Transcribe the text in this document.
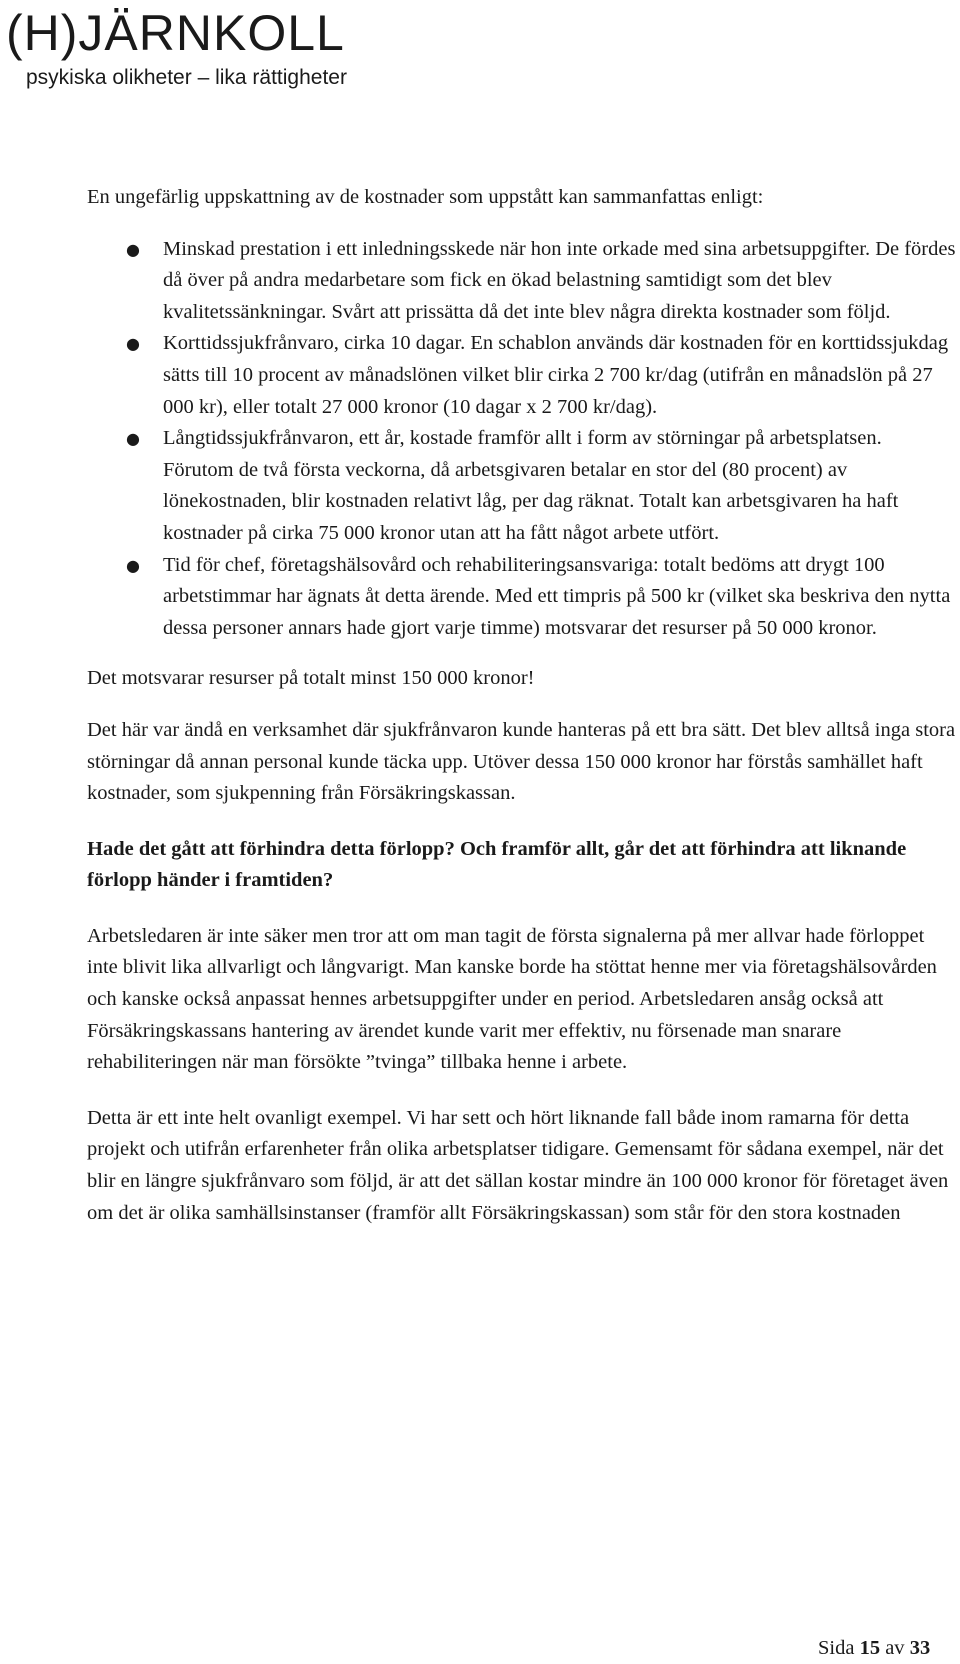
(H)JÄRNKOLL
psykiska olikheter – lika rättigheter

En ungefärlig uppskattning av de kostnader som uppstått kan sammanfattas enligt:

● Minskad prestation i ett inledningsskede när hon inte orkade med sina arbetsuppgifter. De fördes då över på andra medarbetare som fick en ökad belastning samtidigt som det blev kvalitetssänkningar. Svårt att prissätta då det inte blev några direkta kostnader som följd.
● Korttidssjukfrånvaro, cirka 10 dagar. En schablon används där kostnaden för en korttidssjukdag sätts till 10 procent av månadslönen vilket blir cirka 2 700 kr/dag (utifrån en månadslön på 27 000 kr), eller totalt 27 000 kronor (10 dagar x 2 700 kr/dag).
● Långtidssjukfrånvaron, ett år, kostade framför allt i form av störningar på arbetsplatsen. Förutom de två första veckorna, då arbetsgivaren betalar en stor del (80 procent) av lönekostnaden, blir kostnaden relativt låg, per dag räknat. Totalt kan arbetsgivaren ha haft kostnader på cirka 75 000 kronor utan att ha fått något arbete utfört.
● Tid för chef, företagshälsovård och rehabiliteringsansvariga: totalt bedöms att drygt 100 arbetstimmar har ägnats åt detta ärende. Med ett timpris på 500 kr (vilket ska beskriva den nytta dessa personer annars hade gjort varje timme) motsvarar det resurser på 50 000 kronor.

Det motsvarar resurser på totalt minst 150 000 kronor!

Det här var ändå en verksamhet där sjukfrånvaron kunde hanteras på ett bra sätt. Det blev alltså inga stora störningar då annan personal kunde täcka upp. Utöver dessa 150 000 kronor har förstås samhället haft kostnader, som sjukpenning från Försäkringskassan.

Hade det gått att förhindra detta förlopp? Och framför allt, går det att förhindra att liknande förlopp händer i framtiden?

Arbetsledaren är inte säker men tror att om man tagit de första signalerna på mer allvar hade förloppet inte blivit lika allvarligt och långvarigt. Man kanske borde ha stöttat henne mer via företagshälsovården och kanske också anpassat hennes arbetsuppgifter under en period. Arbetsledaren ansåg också att Försäkringskassans hantering av ärendet kunde varit mer effektiv, nu försenade man snarare rehabiliteringen när man försökte ”tvinga” tillbaka henne i arbete.

Detta är ett inte helt ovanligt exempel. Vi har sett och hört liknande fall både inom ramarna för detta projekt och utifrån erfarenheter från olika arbetsplatser tidigare. Gemensamt för sådana exempel, när det blir en längre sjukfrånvaro som följd, är att det sällan kostar mindre än 100 000 kronor för företaget även om det är olika samhällsinstanser (framför allt Försäkringskassan) som står för den stora kostnaden

Sida 15 av 33
